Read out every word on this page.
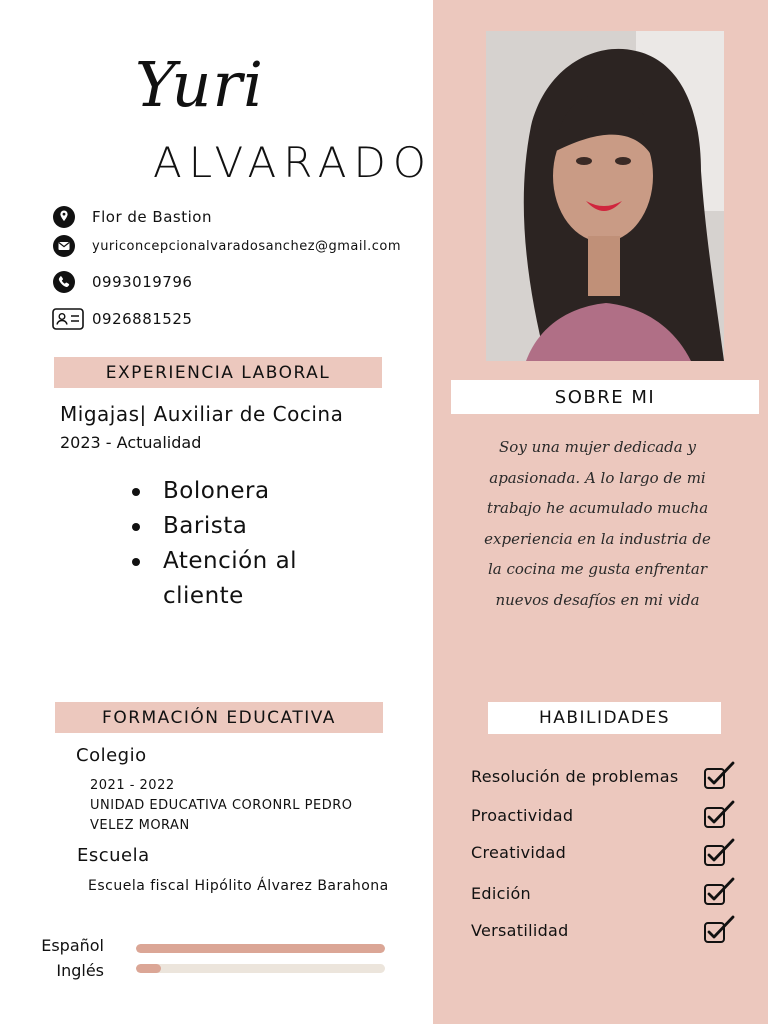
Yuri
ALVARADO
Flor de Bastion
yuriconcepcionalvaradosanchez@gmail.com
0993019796
0926881525
EXPERIENCIA LABORAL
Migajas| Auxiliar de Cocina
2023 - Actualidad
Bolonera
Barista
Atención al cliente
FORMACIÓN EDUCATIVA
Colegio
2021 - 2022
UNIDAD EDUCATIVA CORONRL PEDRO
VELEZ MORAN
Escuela
Escuela fiscal Hipólito Álvarez Barahona
Español
Inglés
SOBRE MI
Soy una mujer dedicada y
apasionada. A lo largo de mi
trabajo he acumulado mucha
experiencia en la industria de
la cocina me gusta enfrentar
nuevos desafíos en mi vida
HABILIDADES
Resolución de problemas
Proactividad
Creatividad
Edición
Versatilidad
